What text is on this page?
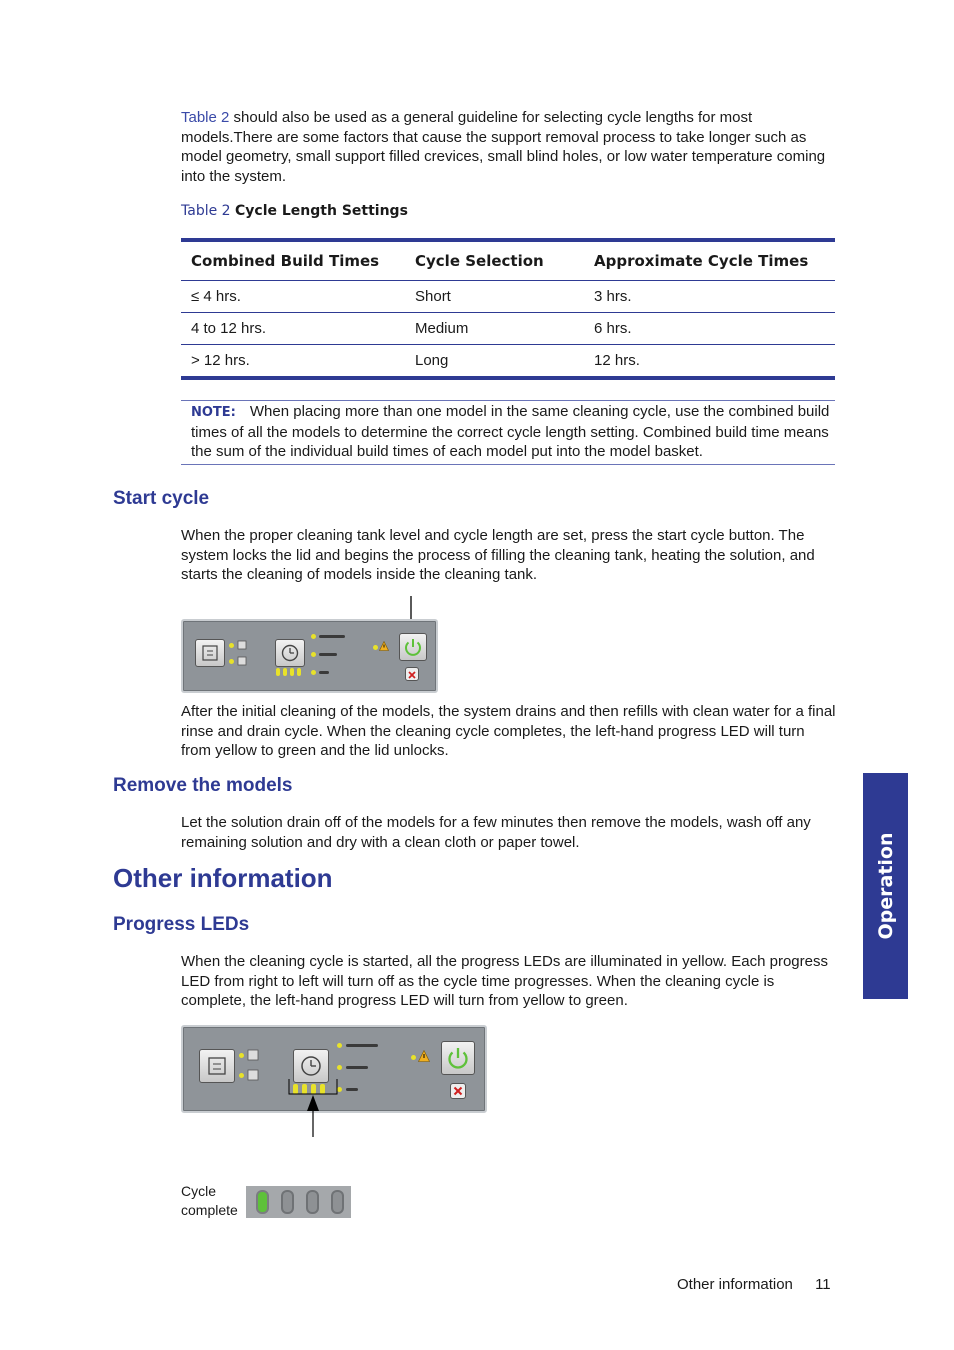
Table 2 should also be used as a general guideline for selecting cycle lengths for most models.There are some factors that cause the support removal process to take longer such as model geometry, small support filled crevices, small blind holes, or low water temperature coming into the system.
Table 2 Cycle Length Settings
Combined Build Times	Cycle Selection	Approximate Cycle Times
≤ 4 hrs.	Short	3 hrs.
4 to 12 hrs.	Medium	6 hrs.
> 12 hrs.	Long	12 hrs.
NOTE: When placing more than one model in the same cleaning cycle, use the combined build times of all the models to determine the correct cycle length setting. Combined build time means the sum of the individual build times of each model put into the model basket.
Start cycle
When the proper cleaning tank level and cycle length are set, press the start cycle button. The system locks the lid and begins the process of filling the cleaning tank, heating the solution, and starts the cleaning of models inside the cleaning tank.
After the initial cleaning of the models, the system drains and then refills with clean water for a final rinse and drain cycle. When the cleaning cycle completes, the left-hand progress LED will turn from yellow to green and the lid unlocks.
Remove the models
Let the solution drain off of the models for a few minutes then remove the models, wash off any remaining solution and dry with a clean cloth or paper towel.
Other information
Progress LEDs
When the cleaning cycle is started, all the progress LEDs are illuminated in yellow. Each progress LED from right to left will turn off as the cycle time progresses. When the cleaning cycle is complete, the left-hand progress LED will turn from yellow to green.
Cycle
complete
Operation
Other information 11
